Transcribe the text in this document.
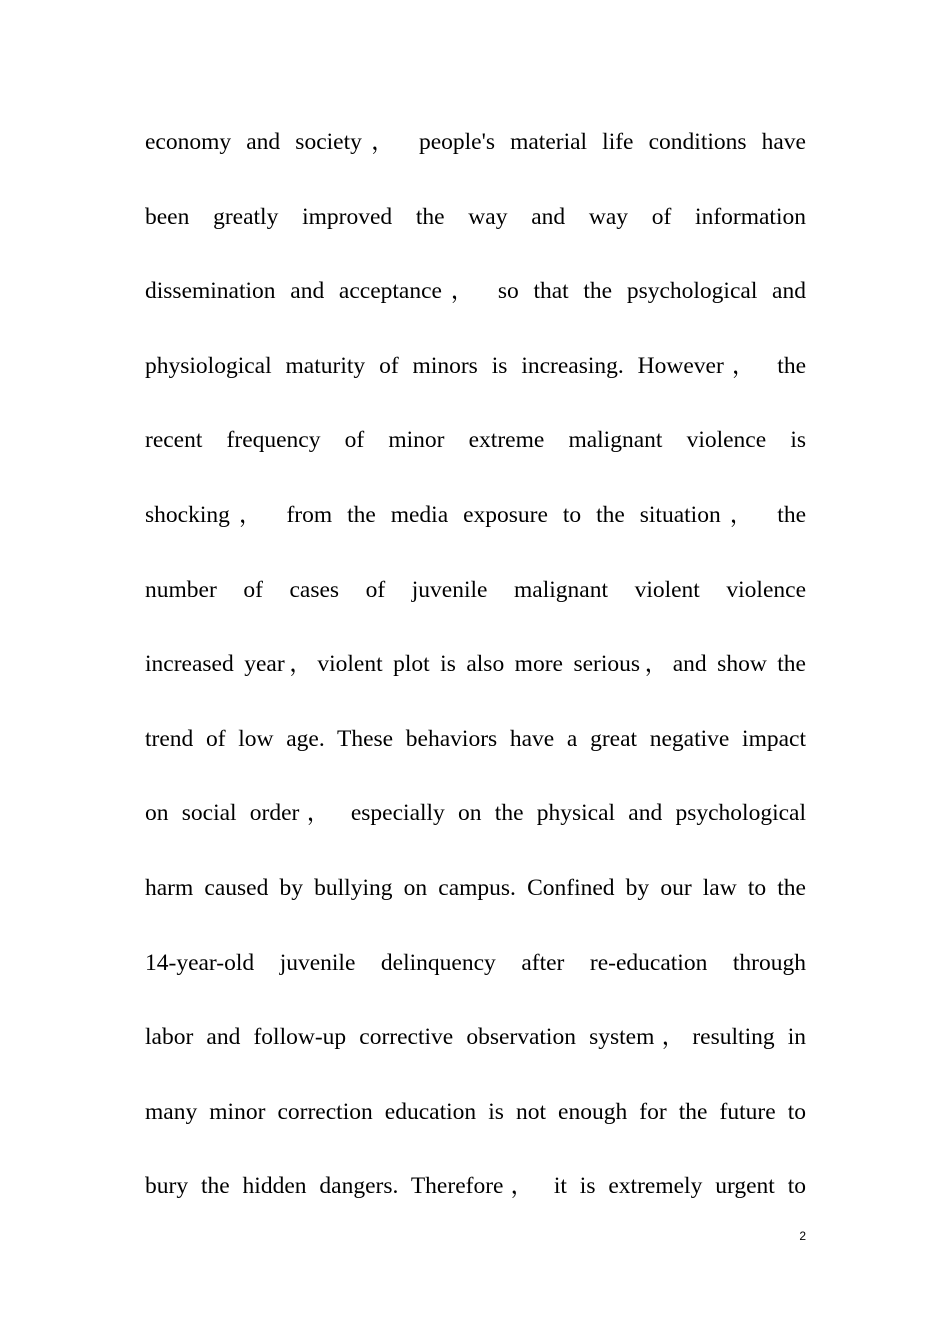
economy and society， people's material life conditions have
been greatly improved the way and way of information
dissemination and acceptance， so that the psychological and
physiological maturity of minors is increasing. However， the
recent frequency of minor extreme malignant violence is
shocking， from the media exposure to the situation， the
number of cases of juvenile malignant violent violence
increased year，violent plot is also more serious，and show the
trend of low age. These behaviors have a great negative impact
on social order， especially on the physical and psychological
harm caused by bullying on campus. Confined by our law to the
14-year-old juvenile delinquency after re-education through
labor and follow-up corrective observation system，resulting in
many minor correction education is not enough for the future to
bury the hidden dangers. Therefore， it is extremely urgent to
2
